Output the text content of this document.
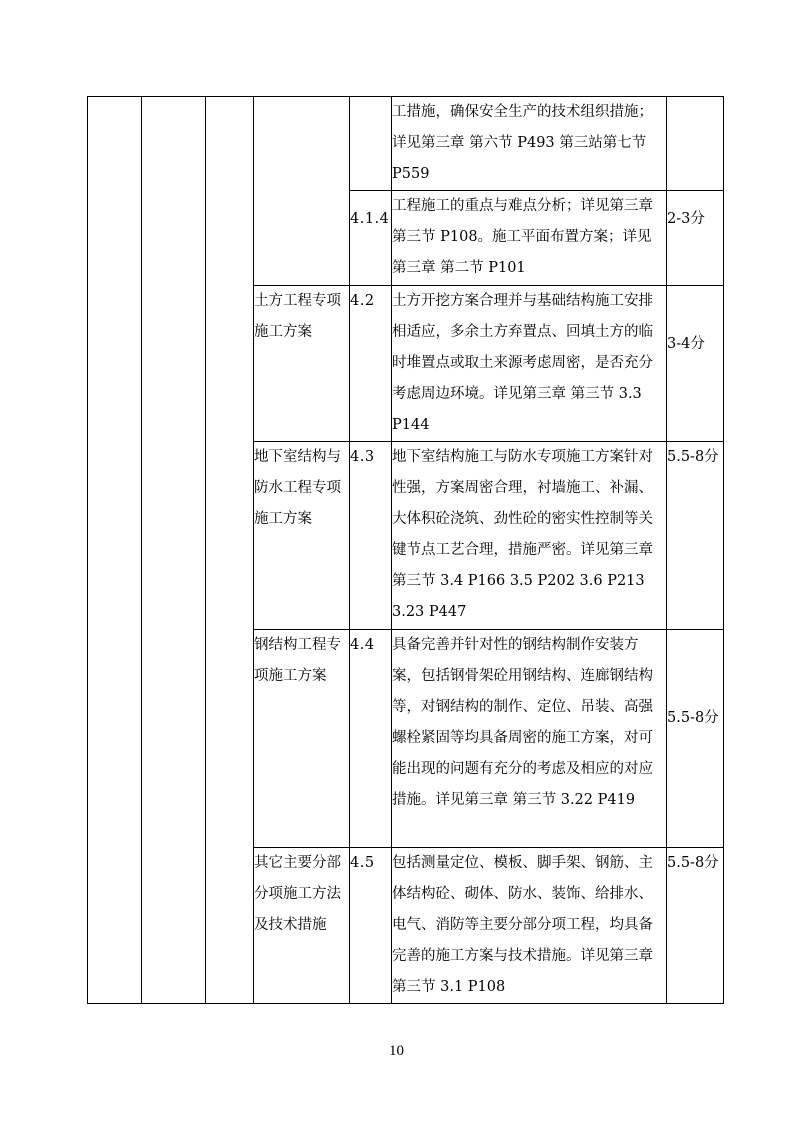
					工措施，确保安全生产的技术组织措施；详见第三章 第六节 P493 第三站第七节 P559	
				4.1.4	工程施工的重点与难点分析；详见第三章 第三节 P108。施工平面布置方案；详见第三章 第二节 P101	2-3分
			土方工程专项施工方案	4.2	土方开挖方案合理并与基础结构施工安排相适应，多余土方弃置点、回填土方的临时堆置点或取土来源考虑周密，是否充分考虑周边环境。详见第三章 第三节 3.3 P144	3-4分
			地下室结构与防水工程专项施工方案	4.3	地下室结构施工与防水专项施工方案针对性强，方案周密合理，衬墙施工、补漏、大体积砼浇筑、劲性砼的密实性控制等关键节点工艺合理，措施严密。详见第三章 第三节 3.4 P166 3.5 P202 3.6 P213 3.23 P447	5.5-8分
			钢结构工程专项施工方案	4.4	具备完善并针对性的钢结构制作安装方案，包括钢骨架砼用钢结构、连廊钢结构等，对钢结构的制作、定位、吊装、高强螺栓紧固等均具备周密的施工方案，对可能出现的问题有充分的考虑及相应的对应措施。详见第三章 第三节 3.22 P419	5.5-8分
			其它主要分部分项施工方法及技术措施	4.5	包括测量定位、模板、脚手架、钢筋、主体结构砼、砌体、防水、装饰、给排水、电气、消防等主要分部分项工程，均具备完善的施工方案与技术措施。详见第三章 第三节 3.1 P108	5.5-8分
10
